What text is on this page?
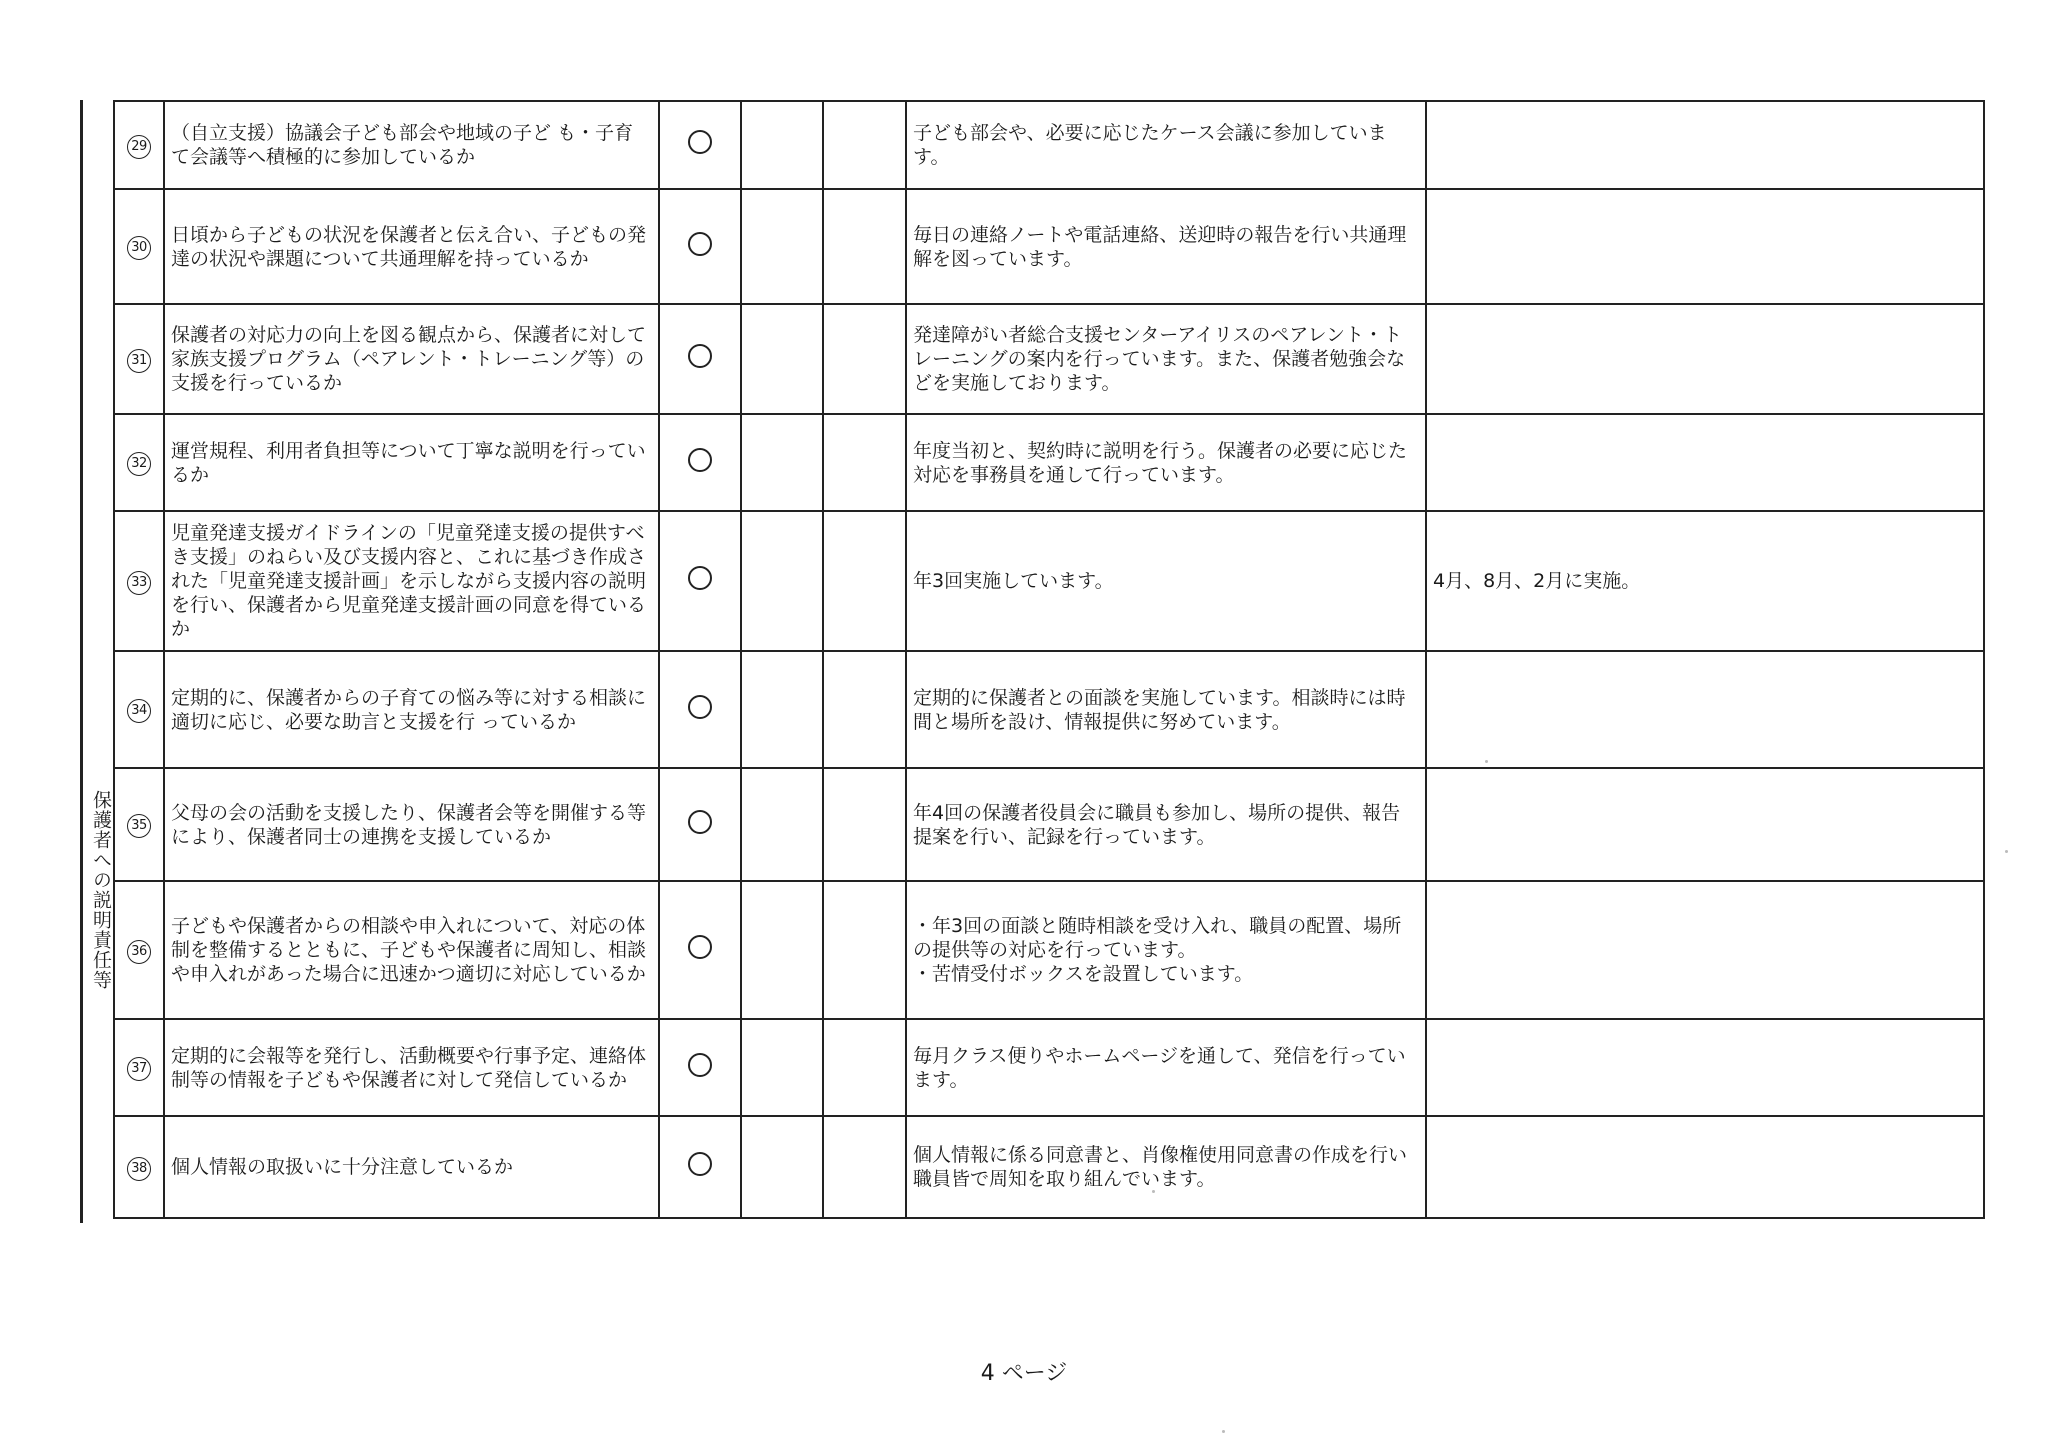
保護者への説明責任等
29	（自立支援）協議会子ども部会や地域の子ど も・子育て会議等へ積極的に参加しているか				子ども部会や、必要に応じたケース会議に参加しています。	
30	日頃から子どもの状況を保護者と伝え合い、子どもの発達の状況や課題について共通理解を持っているか				毎日の連絡ノートや電話連絡、送迎時の報告を行い共通理解を図っています。	
31	保護者の対応力の向上を図る観点から、保護者に対して家族支援プログラム（ペアレント・トレーニング等）の支援を行っているか				発達障がい者総合支援センターアイリスのペアレント・トレーニングの案内を行っています。また、保護者勉強会などを実施しております。	
32	運営規程、利用者負担等について丁寧な説明を行っているか				年度当初と、契約時に説明を行う。保護者の必要に応じた対応を事務員を通して行っています。	
33	児童発達支援ガイドラインの「児童発達支援の提供すべき支援」のねらい及び支援内容と、これに基づき作成された「児童発達支援計画」を示しながら支援内容の説明を行い、保護者から児童発達支援計画の同意を得ているか				年3回実施しています。	4月、8月、2月に実施。
34	定期的に、保護者からの子育ての悩み等に対する相談に適切に応じ、必要な助言と支援を行 っているか				定期的に保護者との面談を実施しています。相談時には時間と場所を設け、情報提供に努めています。	
35	父母の会の活動を支援したり、保護者会等を開催する等により、保護者同士の連携を支援しているか				年4回の保護者役員会に職員も参加し、場所の提供、報告提案を行い、記録を行っています。	
36	子どもや保護者からの相談や申入れについて、対応の体制を整備するとともに、子どもや保護者に周知し、相談や申入れがあった場合に迅速かつ適切に対応しているか				・年3回の面談と随時相談を受け入れ、職員の配置、場所の提供等の対応を行っています。
・苦情受付ボックスを設置しています。	
37	定期的に会報等を発行し、活動概要や行事予定、連絡体制等の情報を子どもや保護者に対して発信しているか				毎月クラス便りやホームページを通して、発信を行っています。	
38	個人情報の取扱いに十分注意しているか				個人情報に係る同意書と、肖像権使用同意書の作成を行い職員皆で周知を取り組んでいます。	
4 ページ
